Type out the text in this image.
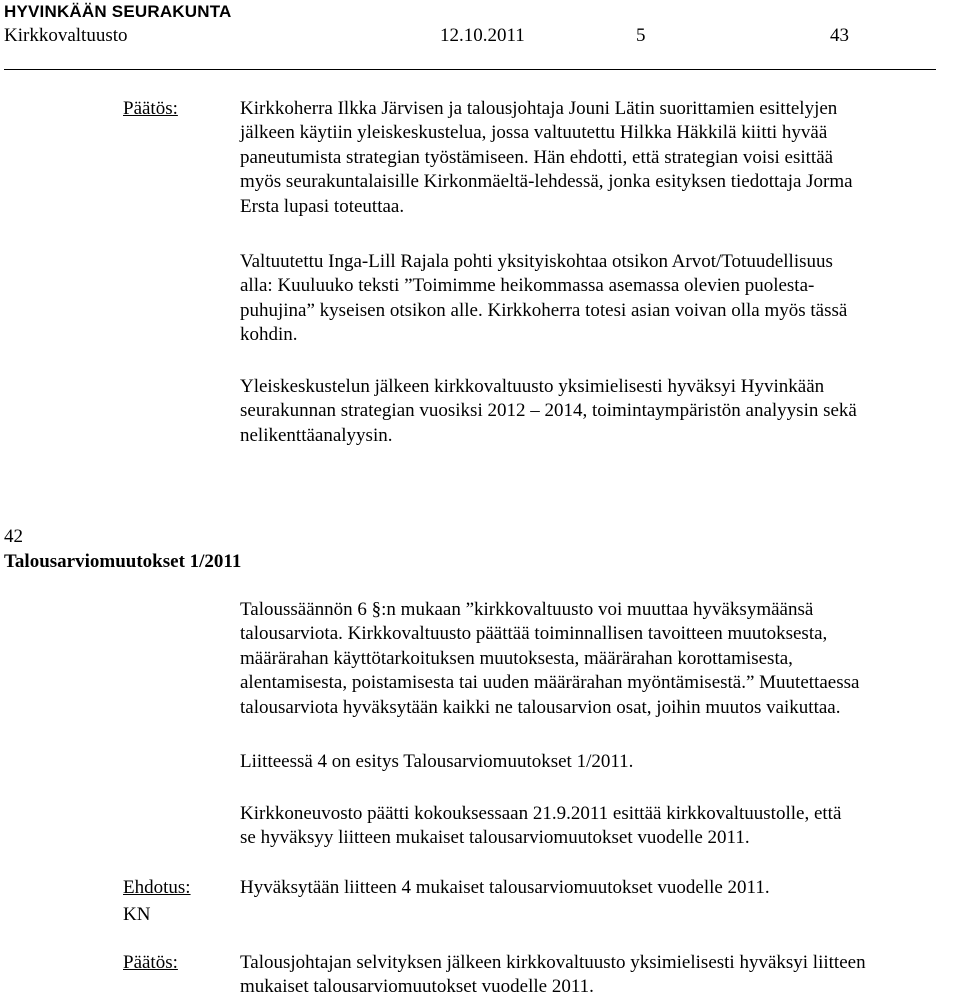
HYVINKÄÄN SEURAKUNTA
Kirkkovaltuusto	12.10.2011	5	43
Päätös:	Kirkkoherra Ilkka Järvisen ja talousjohtaja Jouni Lätin suorittamien esittelyjen
jälkeen käytiin yleiskeskustelua, jossa valtuutettu Hilkka Häkkilä kiitti hyvää
paneutumista strategian työstämiseen. Hän ehdotti, että strategian voisi esittää
myös seurakuntalaisille Kirkonmäeltä-lehdessä, jonka esityksen tiedottaja Jorma
Ersta lupasi toteuttaa.

Valtuutettu Inga-Lill Rajala pohti yksityiskohtaa otsikon Arvot/Totuudellisuus
alla: Kuuluuko teksti ”Toimimme heikommassa asemassa olevien puolesta-
puhujina” kyseisen otsikon alle. Kirkkoherra totesi asian voivan olla myös tässä
kohdin.

Yleiskeskustelun jälkeen kirkkovaltuusto yksimielisesti hyväksyi Hyvinkään
seurakunnan strategian vuosiksi 2012 – 2014, toimintaympäristön analyysin sekä
nelikenttäanalyysin.

42
Talousarviomuutokset 1/2011

Taloussäännön 6 §:n mukaan ”kirkkovaltuusto voi muuttaa hyväksymäänsä
talousarviota. Kirkkovaltuusto päättää toiminnallisen tavoitteen muutoksesta,
määrärahan käyttötarkoituksen muutoksesta, määrärahan korottamisesta,
alentamisesta, poistamisesta tai uuden määrärahan myöntämisestä.” Muutettaessa
talousarviota hyväksytään kaikki ne talousarvion osat, joihin muutos vaikuttaa.

Liitteessä 4 on esitys Talousarviomuutokset 1/2011.

Kirkkoneuvosto päätti kokouksessaan 21.9.2011 esittää kirkkovaltuustolle, että
se hyväksyy liitteen mukaiset talousarviomuutokset vuodelle 2011.

Ehdotus:
KN

Hyväksytään liitteen 4 mukaiset talousarviomuutokset vuodelle 2011.

Päätös:	Talousjohtajan selvityksen jälkeen kirkkovaltuusto yksimielisesti hyväksyi liitteen
mukaiset talousarviomuutokset vuodelle 2011.
